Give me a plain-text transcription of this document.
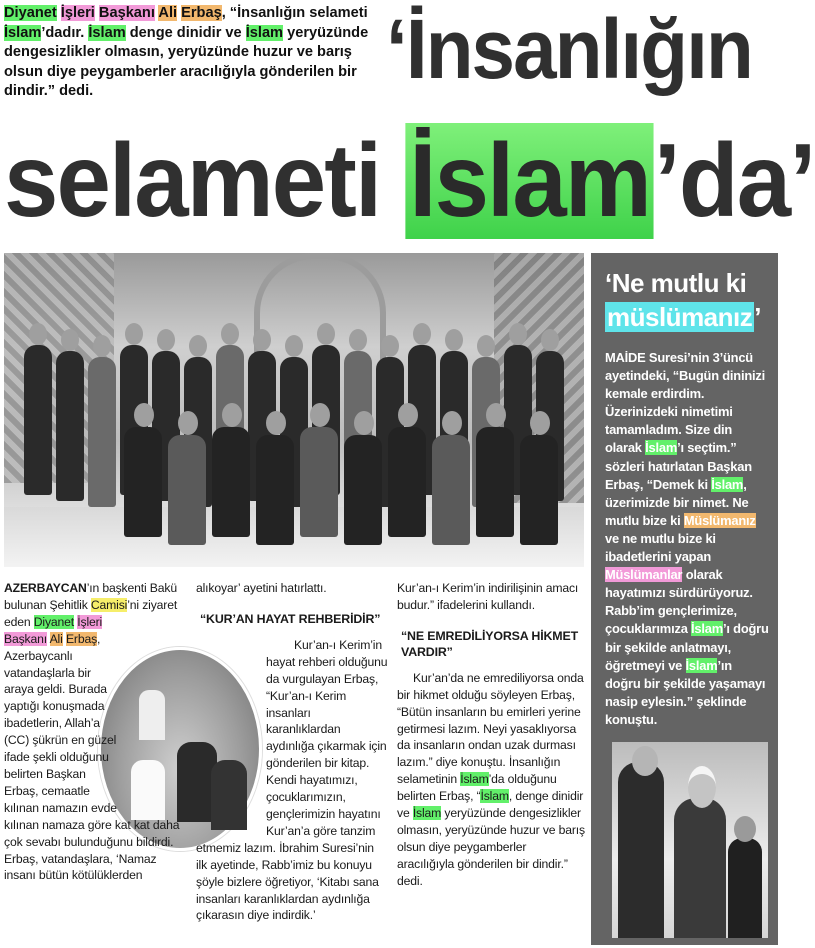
Diyanet İşleri Başkanı Ali Erbaş, “İnsanlığın selameti İslam’dadır. İslam denge dinidir ve İslam yeryüzünde dengesizlikler olmasın, yeryüzünde huzur ve barış olsun diye peygamberler aracılığıyla gönderilen bir dindir.” dedi.	‘İnsanlığın
selameti İslam’da’
‘Ne mutlu ki
müslümanız’
MAİDE Suresi’nin 3’üncü ayetindeki, “Bugün dininizi kemale erdirdim. Üzerinizdeki nimetimi tamamladım. Size din olarak İslam’ı seçtim.” sözleri hatırlatan Başkan Erbaş, “Demek ki İslam, üzerimizde bir nimet. Ne mutlu bize ki Müslümanız ve ne mutlu bize ki ibadetlerini yapan Müslümanlar olarak hayatımızı sürdürüyoruz. Rabb’im gençlerimize, çocuklarımıza İslam’ı doğru bir şekilde anlatmayı, öğretmeyi ve İslam’ın doğru bir şekilde yaşamayı nasip eylesin.” şeklinde konuştu.
AZERBAYCAN’ın başkenti Bakü bulunan Şehitlik Camisi’ni ziyaret eden Diyanet İşleri Başkanı Ali Erbaş, Azerbaycanlı vatandaşlarla bir araya geldi. Burada yaptığı konuşmada ibadetlerin, Allah’a (CC) şükrün en güzel ifade şekli olduğunu belirten Başkan Erbaş, cemaatle kılınan namazın evde kılınan namaza göre kat kat daha çok sevabı bulunduğunu bildirdi. Erbaş, vatandaşlara, ‘Namaz insanı bütün kötülüklerden
alıkoyar’ ayetini hatırlattı.
“KUR’AN HAYAT REHBERİDİR”
Kur’an-ı Kerim’in hayat rehberi olduğunu da vurgulayan Erbaş, “Kur’an-ı Kerim insanları karanlıklardan aydınlığa çıkarmak için gönderilen bir kitap. Kendi hayatımızı, çocuklarımızın, gençlerimizin hayatını Kur’an’a göre tanzim etmemiz lazım. İbrahim Suresi’nin ilk ayetinde, Rabb’imiz bu konuyu şöyle bizlere öğretiyor, ‘Kitabı sana insanları karanlıklardan aydınlığa çıkarasın diye indirdik.’
Kur’an-ı Kerim’in indirilişinin amacı budur.” ifadelerini kullandı.
“NE EMREDİLİYORSA HİKMET VARDIR”
Kur’an’da ne emrediliyorsa onda bir hikmet olduğu söyleyen Erbaş, “Bütün insanların bu emirleri yerine getirmesi lazım. Neyi yasaklıyorsa da insanların ondan uzak durması lazım.” diye konuştu. İnsanlığın selametinin İslam’da olduğunu belirten Erbaş, “İslam, denge dinidir ve İslam yeryüzünde dengesizlikler olmasın, yeryüzünde huzur ve barış olsun diye peygamberler aracılığıyla gönderilen bir dindir.” dedi.
